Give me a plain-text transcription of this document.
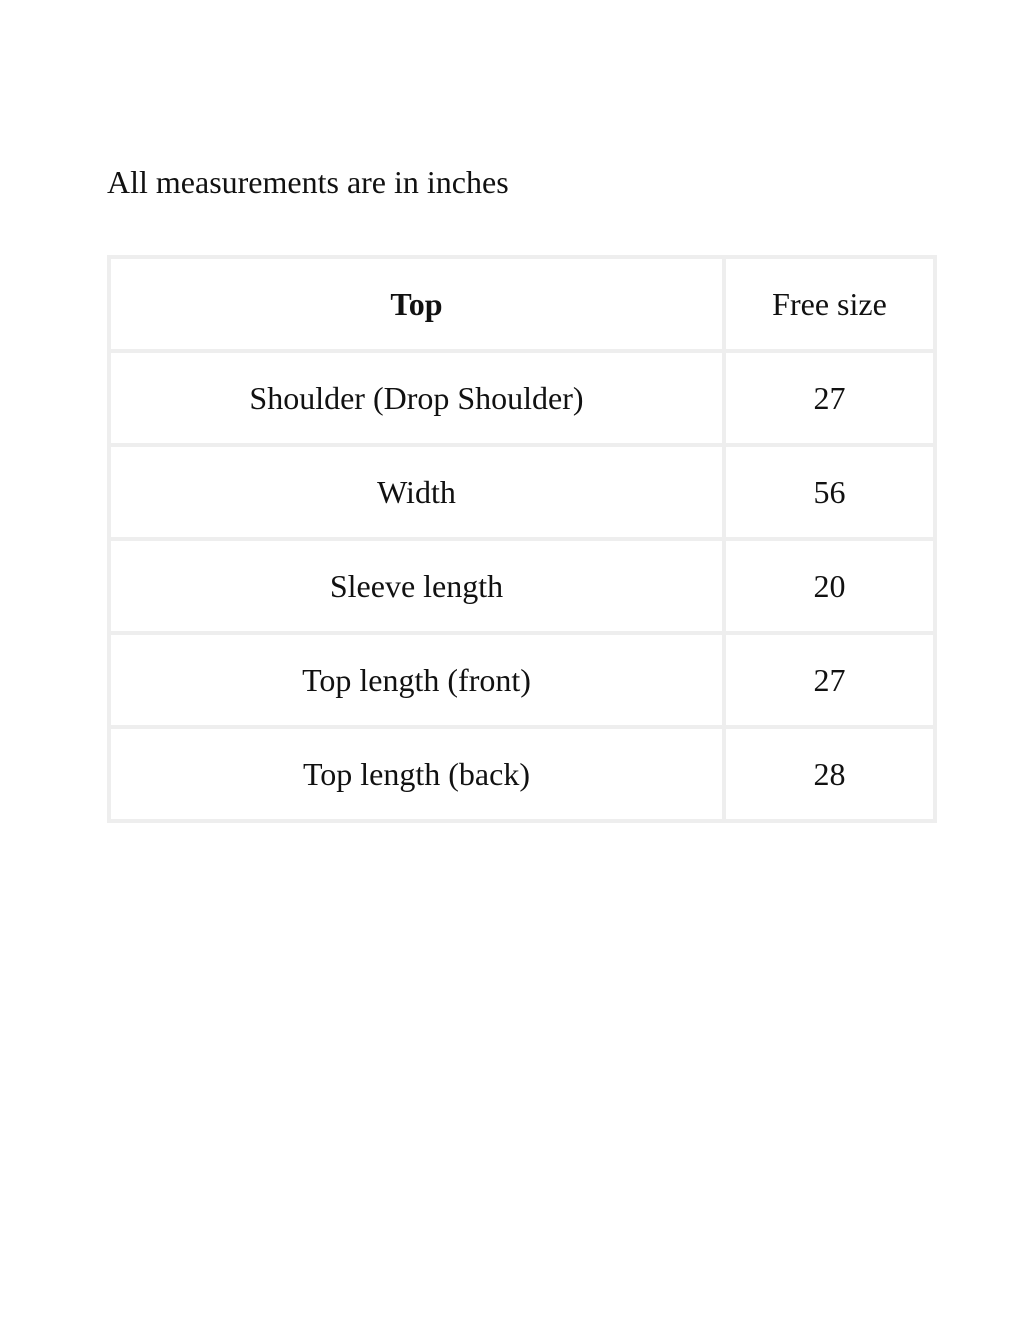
All measurements are in inches
Top	Free size
Shoulder (Drop Shoulder)	27
Width	56
Sleeve length	20
Top length (front)	27
Top length (back)	28
